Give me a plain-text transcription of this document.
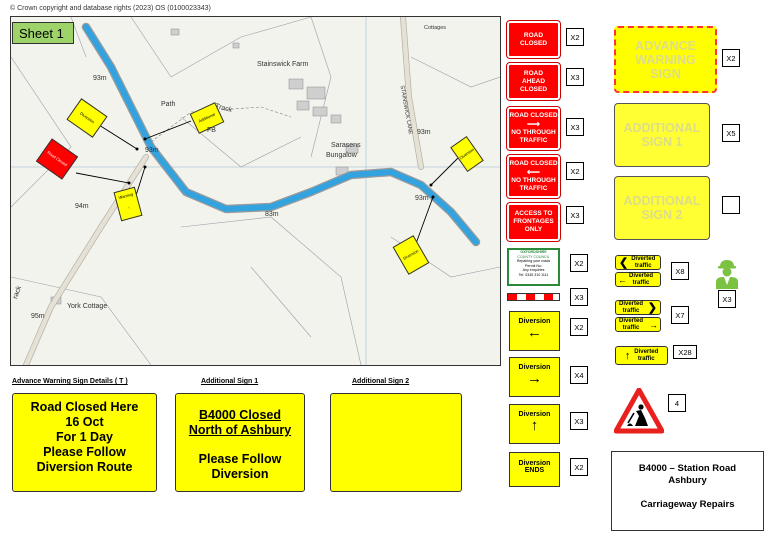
© Crown copyright and database rights (2023) OS (0100023343)
Diversion	Additional
Road Closed
Warning
↑
Diversion
Diversion
Stainswick Farm
Path	Track
FB
Sarasens
Bungalow
STAINSWICK LANE
York Cottage
Cottages
rack
93m
93m
93m
93m
94m
95m
83m
Sheet 1
Advance Warning Sign Details ( T )	Additional Sign 1	Additional Sign 2
Road Closed Here
16 Oct
For 1 Day
Please Follow
Diversion Route
B4000 Closed
North of Ashbury
Please Follow
Diversion
ROAD
CLOSED
X2
ROAD
AHEAD
CLOSED
X3
ROAD CLOSED
⟶
NO THROUGH
TRAFFIC
X3
ROAD CLOSED
⟵
NO THROUGH
TRAFFIC
X2
ACCESS TO
FRONTAGES
ONLY
X3
OXFORDSHIRE
COUNTY COUNCIL
Repairing your roads
Permit No:
Any enquiries
Tel: 0345 310 1111
X2
X3
Diversion
←	X2
Diversion
→	X4
Diversion
↑	X3
Diversion
ENDS	X2
ADVANCE
WARNING
SIGN
X2
ADDITIONAL
SIGN 1
X5
ADDITIONAL
SIGN 2
❮ Diverted
traffic
← Diverted
traffic
X8
Diverted
traffic ❯
Diverted
traffic	→
X7
↑ Diverted
traffic
X28
X3
4
B4000 – Station Road
Ashbury
Carriageway Repairs
